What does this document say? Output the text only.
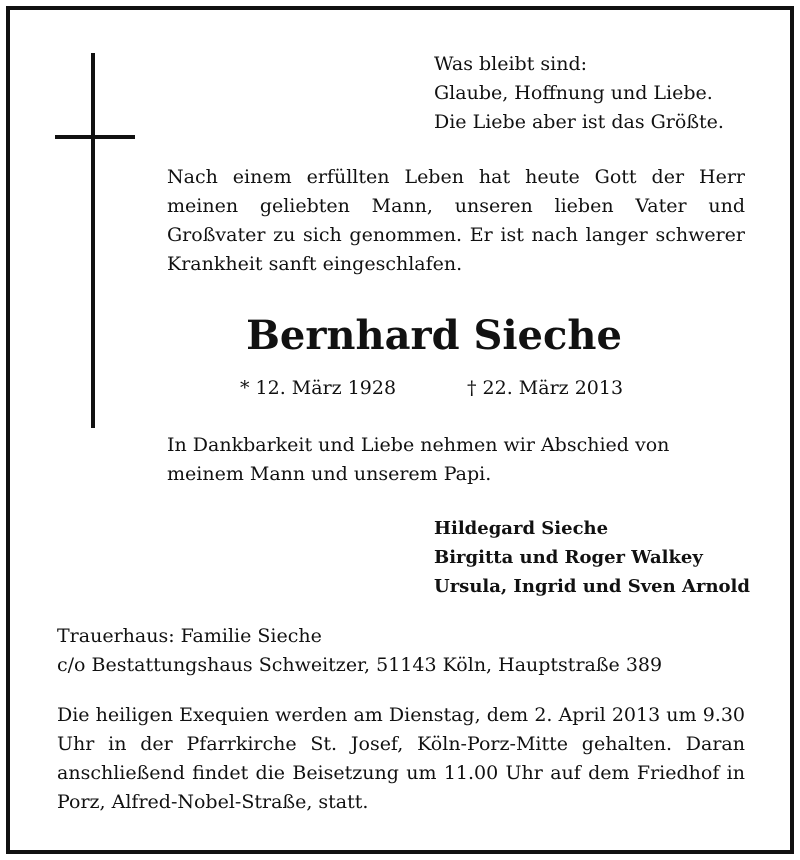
Was bleibt sind:
Glaube, Hoffnung und Liebe.
Die Liebe aber ist das Größte.

Nach einem erfüllten Leben hat heute Gott der Herr meinen geliebten Mann, unseren lieben Vater und Großvater zu sich genommen. Er ist nach langer schwerer Krankheit sanft eingeschlafen.

Bernhard Sieche
* 12. März 1928	† 22. März 2013

In Dankbarkeit und Liebe nehmen wir Abschied von meinem Mann und unserem Papi.

Hildegard Sieche
Birgitta und Roger Walkey
Ursula, Ingrid und Sven Arnold
Trauerhaus: Familie Sieche
c/o Bestattungshaus Schweitzer, 51143 Köln, Hauptstraße 389

Die heiligen Exequien werden am Dienstag, dem 2. April 2013 um 9.30 Uhr in der Pfarrkirche St. Josef, Köln-Porz-Mitte gehalten. Daran anschließend findet die Beisetzung um 11.00 Uhr auf dem Friedhof in Porz, Alfred-Nobel-Straße, statt.
